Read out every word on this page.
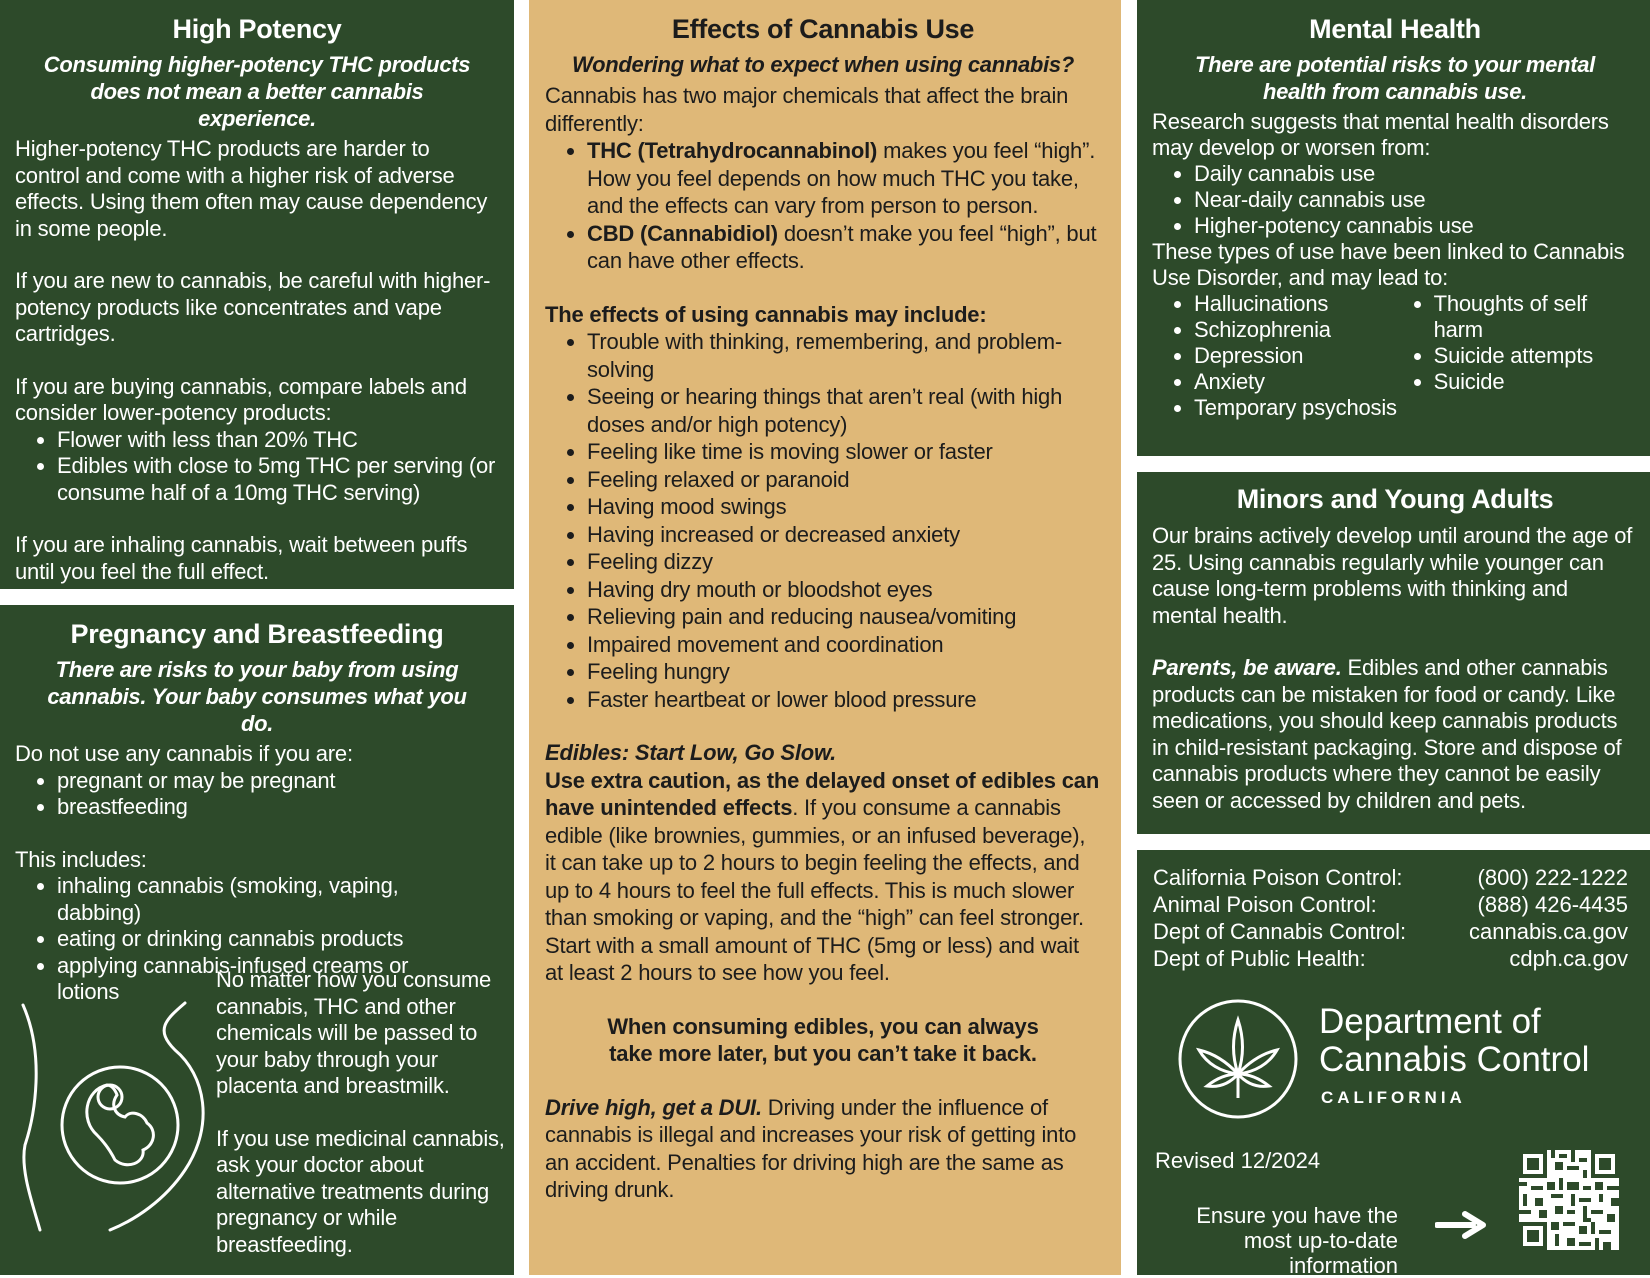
High Potency
Consuming higher-potency THC products does not mean a better cannabis experience.

Higher-potency THC products are harder to control and come with a higher risk of adverse effects. Using them often may cause dependency in some people.

If you are new to cannabis, be careful with higher-potency products like concentrates and vape cartridges.

If you are buying cannabis, compare labels and consider lower-potency products:

• Flower with less than 20% THC
• Edibles with close to 5mg THC per serving (or consume half of a 10mg THC serving)

If you are inhaling cannabis, wait between puffs until you feel the full effect.

Pregnancy and Breastfeeding
There are risks to your baby from using cannabis. Your baby consumes what you do.

Do not use any cannabis if you are:

• pregnant or may be pregnant
• breastfeeding

This includes:

• inhaling cannabis (smoking, vaping, dabbing)
• eating or drinking cannabis products
• applying cannabis-infused creams or lotions	No matter how you consume cannabis, THC and other chemicals will be passed to your baby through your placenta and breastmilk.

If you use medicinal cannabis, ask your doctor about alternative treatments during pregnancy or while breastfeeding.

Effects of Cannabis Use
Wondering what to expect when using cannabis?

Cannabis has two major chemicals that affect the brain differently:

• THC (Tetrahydrocannabinol) makes you feel “high”. How you feel depends on how much THC you take, and the effects can vary from person to person.
• CBD (Cannabidiol) doesn’t make you feel “high”, but can have other effects.

The effects of using cannabis may include:

• Trouble with thinking, remembering, and problem-solving
• Seeing or hearing things that aren’t real (with high doses and/or high potency)
• Feeling like time is moving slower or faster
• Feeling relaxed or paranoid
• Having mood swings
• Having increased or decreased anxiety
• Feeling dizzy
• Having dry mouth or bloodshot eyes
• Relieving pain and reducing nausea/vomiting
• Impaired movement and coordination
• Feeling hungry
• Faster heartbeat or lower blood pressure

Edibles: Start Low, Go Slow.

Use extra caution, as the delayed onset of edibles can have unintended effects. If you consume a cannabis edible (like brownies, gummies, or an infused beverage), it can take up to 2 hours to begin feeling the effects, and up to 4 hours to feel the full effects. This is much slower than smoking or vaping, and the “high” can feel stronger. Start with a small amount of THC (5mg or less) and wait at least 2 hours to see how you feel.

When consuming edibles, you can always take more later, but you can’t take it back.

Drive high, get a DUI. Driving under the influence of cannabis is illegal and increases your risk of getting into an accident. Penalties for driving high are the same as driving drunk.

Mental Health
There are potential risks to your mental health from cannabis use.

Research suggests that mental health disorders may develop or worsen from:

• Daily cannabis use
• Near-daily cannabis use
• Higher-potency cannabis use

These types of use have been linked to Cannabis Use Disorder, and may lead to:

• Hallucinations
• Schizophrenia
• Depression
• Anxiety
• Temporary psychosis
• Thoughts of self harm
• Suicide attempts
• Suicide
Minors and Young Adults

Our brains actively develop until around the age of 25. Using cannabis regularly while younger can cause long-term problems with thinking and mental health.

Parents, be aware. Edibles and other cannabis products can be mistaken for food or candy. Like medications, you should keep cannabis products in child-resistant packaging. Store and dispose of cannabis products where they cannot be easily seen or accessed by children and pets.

California Poison Control:	(800) 222-1222
Animal Poison Control:	(888) 426-4435
Dept of Cannabis Control:	cannabis.ca.gov
Dept of Public Health:	cdph.ca.gov
Department of
Cannabis Control
CALIFORNIA
Revised 12/2024
Ensure you have the most up-to-date information
